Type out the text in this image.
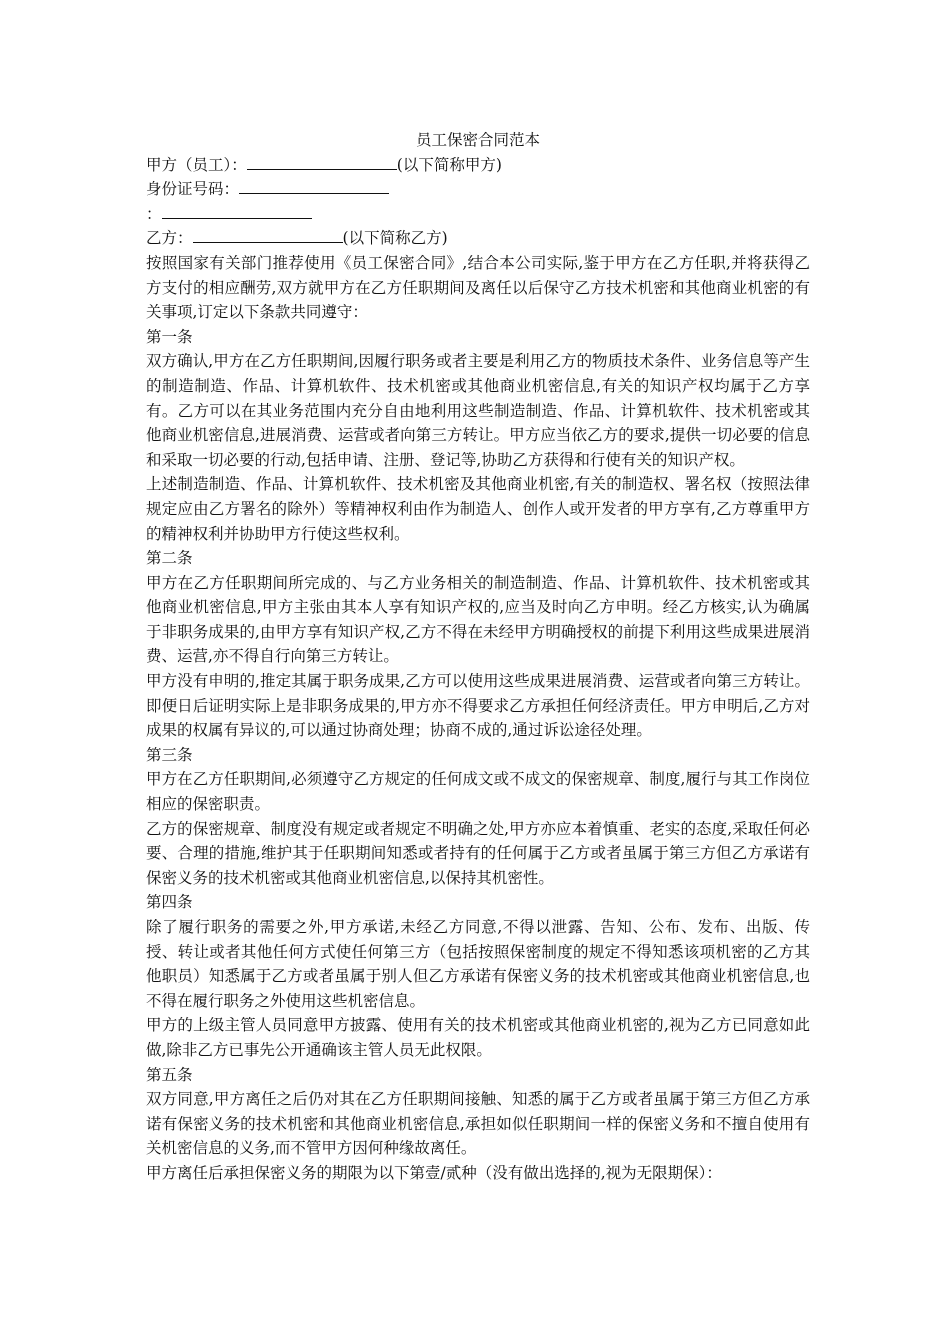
员工保密合同范本
甲方（员工）：	(以下简称甲方)
身份证号码：
：
乙方：	(以下简称乙方)

按照国家有关部门推荐使用《员工保密合同》,结合本公司实际,鉴于甲方在乙方任职,并将获得乙方支付的相应酬劳,双方就甲方在乙方任职期间及离任以后保守乙方技术机密和其他商业机密的有关事项,订定以下条款共同遵守：

第一条

双方确认,甲方在乙方任职期间,因履行职务或者主要是利用乙方的物质技术条件、业务信息等产生的制造制造、作品、计算机软件、技术机密或其他商业机密信息,有关的知识产权均属于乙方享有。乙方可以在其业务范围内充分自由地利用这些制造制造、作品、计算机软件、技术机密或其他商业机密信息,进展消费、运营或者向第三方转让。甲方应当依乙方的要求,提供一切必要的信息和采取一切必要的行动,包括申请、注册、登记等,协助乙方获得和行使有关的知识产权。

上述制造制造、作品、计算机软件、技术机密及其他商业机密,有关的制造权、署名权（按照法律规定应由乙方署名的除外）等精神权利由作为制造人、创作人或开发者的甲方享有,乙方尊重甲方的精神权利并协助甲方行使这些权利。

第二条

甲方在乙方任职期间所完成的、与乙方业务相关的制造制造、作品、计算机软件、技术机密或其他商业机密信息,甲方主张由其本人享有知识产权的,应当及时向乙方申明。经乙方核实,认为确属于非职务成果的,由甲方享有知识产权,乙方不得在未经甲方明确授权的前提下利用这些成果进展消费、运营,亦不得自行向第三方转让。

甲方没有申明的,推定其属于职务成果,乙方可以使用这些成果进展消费、运营或者向第三方转让。即便日后证明实际上是非职务成果的,甲方亦不得要求乙方承担任何经济责任。甲方申明后,乙方对成果的权属有异议的,可以通过协商处理；协商不成的,通过诉讼途径处理。

第三条

甲方在乙方任职期间,必须遵守乙方规定的任何成文或不成文的保密规章、制度,履行与其工作岗位相应的保密职责。

乙方的保密规章、制度没有规定或者规定不明确之处,甲方亦应本着慎重、老实的态度,采取任何必要、合理的措施,维护其于任职期间知悉或者持有的任何属于乙方或者虽属于第三方但乙方承诺有保密义务的技术机密或其他商业机密信息,以保持其机密性。

第四条

除了履行职务的需要之外,甲方承诺,未经乙方同意,不得以泄露、告知、公布、发布、出版、传授、转让或者其他任何方式使任何第三方（包括按照保密制度的规定不得知悉该项机密的乙方其他职员）知悉属于乙方或者虽属于别人但乙方承诺有保密义务的技术机密或其他商业机密信息,也不得在履行职务之外使用这些机密信息。

甲方的上级主管人员同意甲方披露、使用有关的技术机密或其他商业机密的,视为乙方已同意如此做,除非乙方已事先公开通确该主管人员无此权限。

第五条

双方同意,甲方离任之后仍对其在乙方任职期间接触、知悉的属于乙方或者虽属于第三方但乙方承诺有保密义务的技术机密和其他商业机密信息,承担如似任职期间一样的保密义务和不擅自使用有关机密信息的义务,而不管甲方因何种缘故离任。

甲方离任后承担保密义务的期限为以下第壹/贰种（没有做出选择的,视为无限期保）：
